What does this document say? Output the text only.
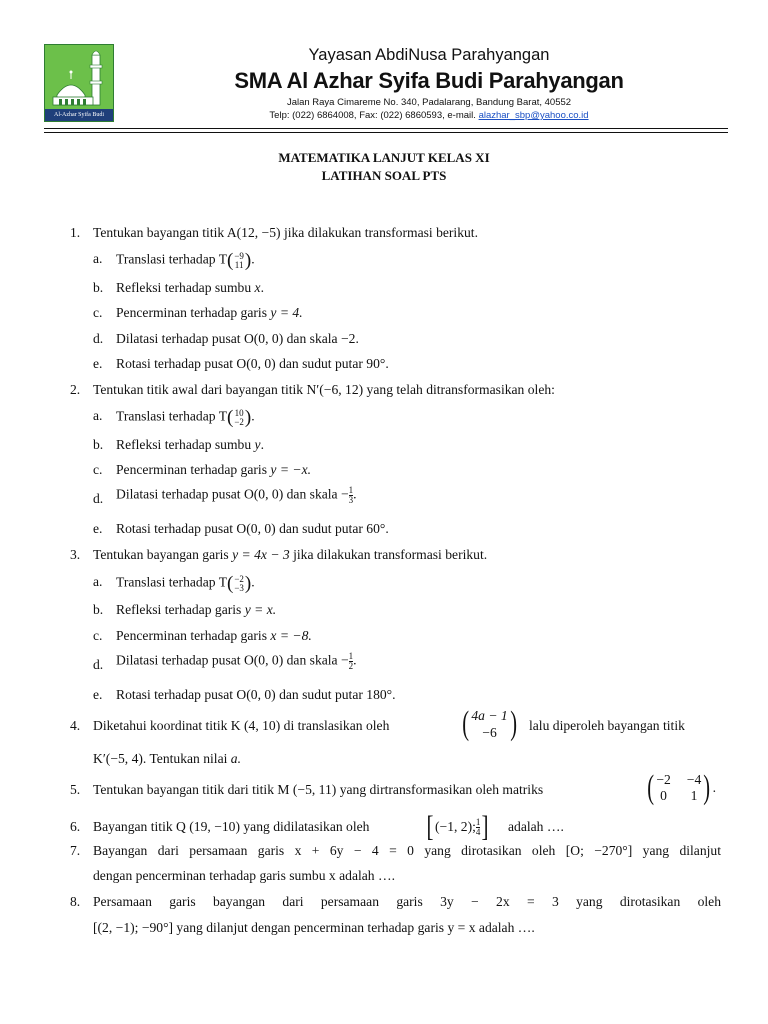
Al-Azhar Syifa Budi
Yayasan AbdiNusa Parahyangan
SMA Al Azhar Syifa Budi Parahyangan
Jalan Raya Cimareme No. 340, Padalarang, Bandung Barat, 40552
Telp: (022) 6864008, Fax: (022) 6860593, e-mail. alazhar_sbp@yahoo.co.id
MATEMATIKA LANJUT KELAS XI
LATIHAN SOAL PTS
1. Tentukan bayangan titik A(12, −5) jika dilakukan transformasi berikut.
a. Translasi terhadap T ( −9
11 ) .
b. Refleksi terhadap sumbu x.
c. Pencerminan terhadap garis y = 4.
d. Dilatasi terhadap pusat O(0, 0) dan skala −2.
e. Rotasi terhadap pusat O(0, 0) dan sudut putar 90°.
2. Tentukan titik awal dari bayangan titik N′(−6, 12) yang telah ditransformasikan oleh:
a. Translasi terhadap T ( 10
−2 ) .
b. Refleksi terhadap sumbu y.
c. Pencerminan terhadap garis y = −x.
d. Dilatasi terhadap pusat O(0, 0) dan skala − $\frac{1}{3}$ .
e. Rotasi terhadap pusat O(0, 0) dan sudut putar 60°.
3. Tentukan bayangan garis y = 4x − 3 jika dilakukan transformasi berikut.
a. Translasi terhadap T ( −2
−3 ) .
b. Refleksi terhadap garis y = x.
c. Pencerminan terhadap garis x = −8.
d. Dilatasi terhadap pusat O(0, 0) dan skala − $\frac{1}{2}$ .
e. Rotasi terhadap pusat O(0, 0) dan sudut putar 180°.
4. Diketahui koordinat titik K (4, 10) di translasikan oleh ( 4a − 1
−6 ) lalu diperoleh bayangan titik
K′(−5, 4). Tentukan nilai a.
5. Tentukan bayangan titik dari titik M (−5, 11) yang dirtransformasikan oleh matriks	( −2 −4
0 1 ) .
6. Bayangan titik Q (19, −10) yang didilatasikan oleh [ (−1, 2); $\frac{1}{4}$ ] adalah ….
7. Bayangan dari persamaan garis x + 6y − 4 = 0 yang dirotasikan oleh [O; −270°] yang dilanjut
dengan pencerminan terhadap garis sumbu x adalah ….
8. Persamaan garis bayangan dari persamaan garis 3y − 2x = 3 yang dirotasikan oleh
[(2, −1); −90°] yang dilanjut dengan pencerminan terhadap garis y = x adalah ….
